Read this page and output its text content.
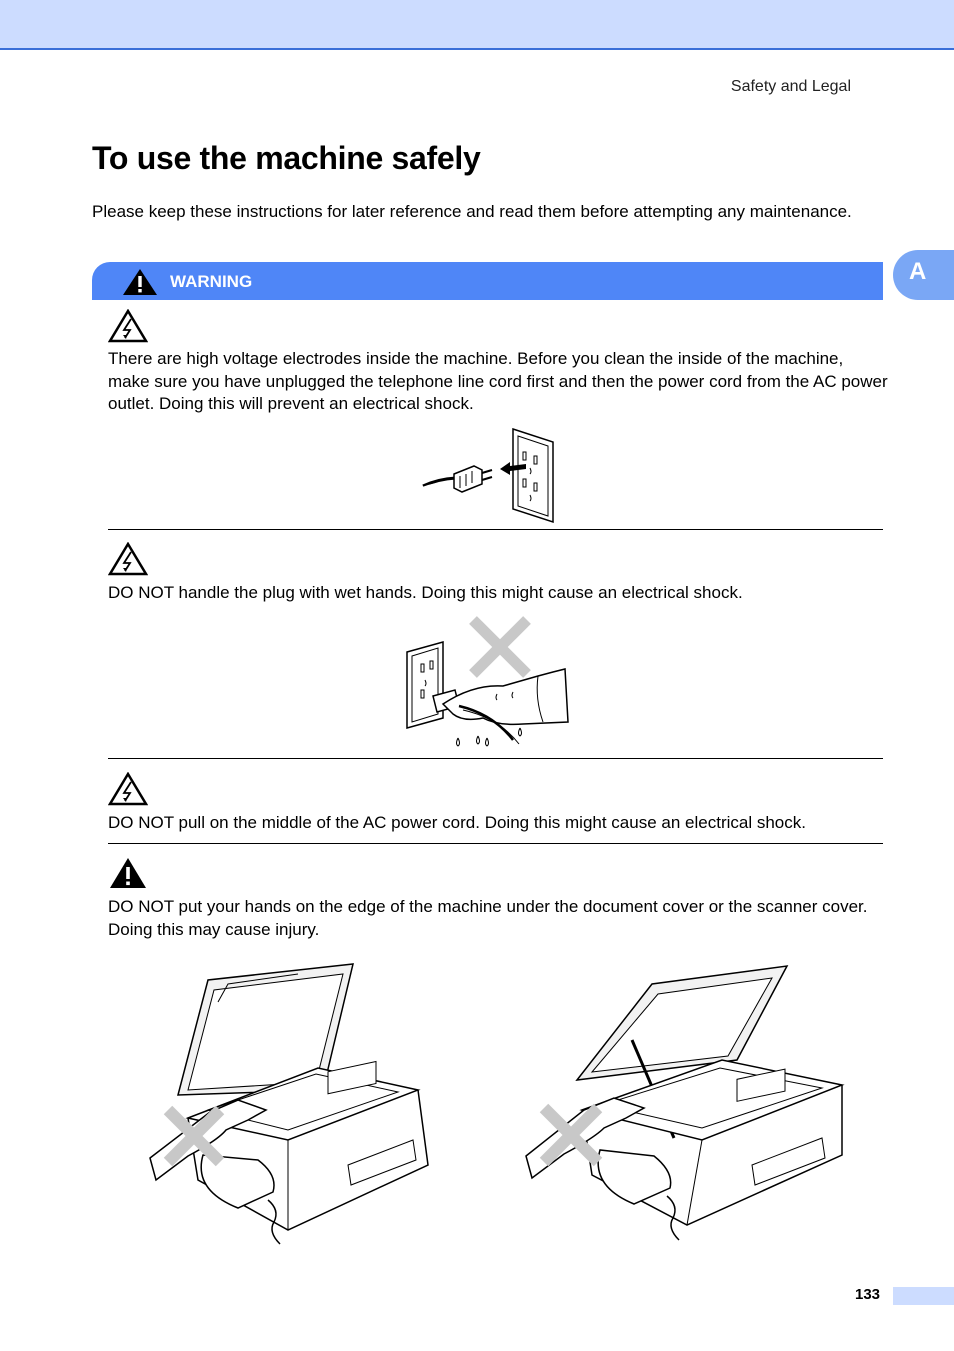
Safety and Legal
To use the machine safely

Please keep these instructions for later reference and read them before attempting any maintenance.

A
WARNING

There are high voltage electrodes inside the machine. Before you clean the inside of the machine, make sure you have unplugged the telephone line cord first and then the power cord from the AC power outlet. Doing this will prevent an electrical shock.

DO NOT handle the plug with wet hands. Doing this might cause an electrical shock.

DO NOT pull on the middle of the AC power cord. Doing this might cause an electrical shock.

DO NOT put your hands on the edge of the machine under the document cover or the scanner cover. Doing this may cause injury.

133
